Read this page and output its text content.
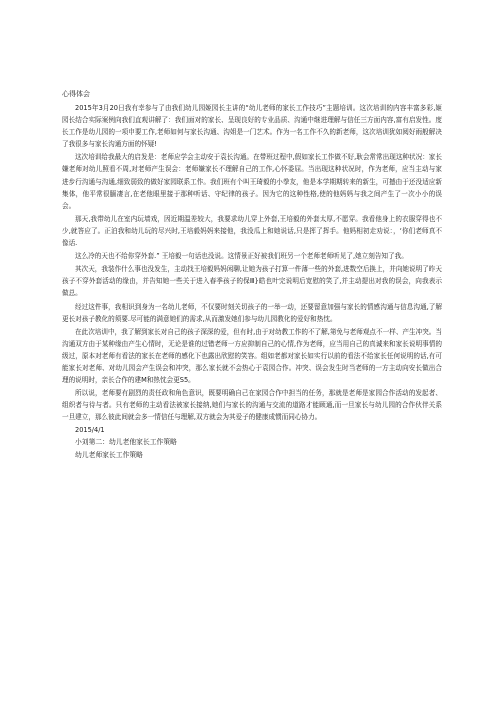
心得体会

2015年3月20日我有幸参与了由我们幼儿园姬园长主讲的“幼儿老师的家长工作技巧”主题培训。这次培训的内容丰富多彩,姬园长结合实际案例向我们直观讲解了：我们面对的家长、呈现良好的专业品质、沟通中继进理解与信任三方面内容,富有启发性。度长工作是幼儿园的一项申要工作,老师如何与家长沟通、沟姐是一门艺术。作为一名工作不久的新老师，这次培训犹如阅好雨般解决了我很多与家长沟通方面的怀疑!

这次培训给我最大的启发是：老师应学会主动安于袁长沟通。在带班过程中,假如家长工作做不好,耿会常常出现这种状况：家长嫌老师对幼儿照看不周,对老师产生误会：老师嫌家长不理解自己的工作,心怀委屈。当出现这种状况时，作为老师，应当主动与家进步行沟通与沟通,细致弱致的做好家园联系工作。我们班有个叫王琦毅的小拳友，他是本学期期转来的新生，可撼由于还没适应新集体，他平常很腼凄言,在老他眼里接于那种听话、守纪律的孩子。因为它的这种性格,使的他妈妈与我之间产生了一次小小的误会。

那天,我带幼儿在室内玩墙戏，因近期温差较大，我要求幼儿穿上外套,王培毅的外套太厚,不愿穿。我看他身上的衣服穿得也不少,就答应了。正泊我和幼儿玩的尽兴时,王培毅妈妈来接他，我没瓜上和她说话,只是挥了挥手。他妈相初走劝说：，‘你们老师真不像话.

这么冷的天也不给你穿外套.” 王培毅一句话也没说。这情景正好被我们班另一个老师老师听见了,她立刻告知了我。

其次天，我装作什么事也没发生，主动找王培毅妈妈闲聊,让她为孩子打算一件薄一些的外套,进数空后换上，并向她说明了昨天孩子不穿外套活动的缘由，并告知她一些关于进入春季孩子的保Ⅲ}皓也叶完说明后宽慰的笑了,并主动提出对我的误会，向我表示做总。

经过这件事，我相识到身为一名幼儿老师，不仅要时刻关切孩子的一举一动，还要留意加强与家长的情感沟通与信息沟通,了解更长对孩子教化的须要.尽可能的满意她们的需求,从而激发她们参与幼儿园教化的爱好和热忱。

在此次培训中，我了解到家长对自己的孩子深深的爱，但有时,由于对幼教工作的不了解,第免与老师观点不一样、产生冲突。当沟通双方由于某种缘由产生心情时，无论是谁的过错老师一方应抑制自己的心情,作为老师，应当用自己的真诚来和家长说明事情的级过，原本对老师有看法的家长在老师的感化下也露出欣慰的笑容。组如老都对家长如实行以前的看法不给家长任何说明的话,有可能家长对老师、对幼儿园会产生误会和冲突，那么家长就不会热心于袁园合作。冲突、误会发生时当老师的一方主动向安长做出合理的说明时，亲长合作的建M和热忱会更S5。

所以说，老师要有剧烈的责任政和角色意识，既要明确自己在家园合作中担当的任务，那就是老师是家园合作活动的发起者、组织者与待与者。只有老师的主动看法被家长接纳,她们与家长的沟通与交流的道路才能顾通,而一旦家长与幼儿园的合作伙伴关系一旦建立，那么彼此间就会多一情信任与理解,双方就会为其爱子的健康成惯而同心协力。

2015/4/1
小刘第二：幼儿老他家长工作策略
幼儿老师家长工作策略
